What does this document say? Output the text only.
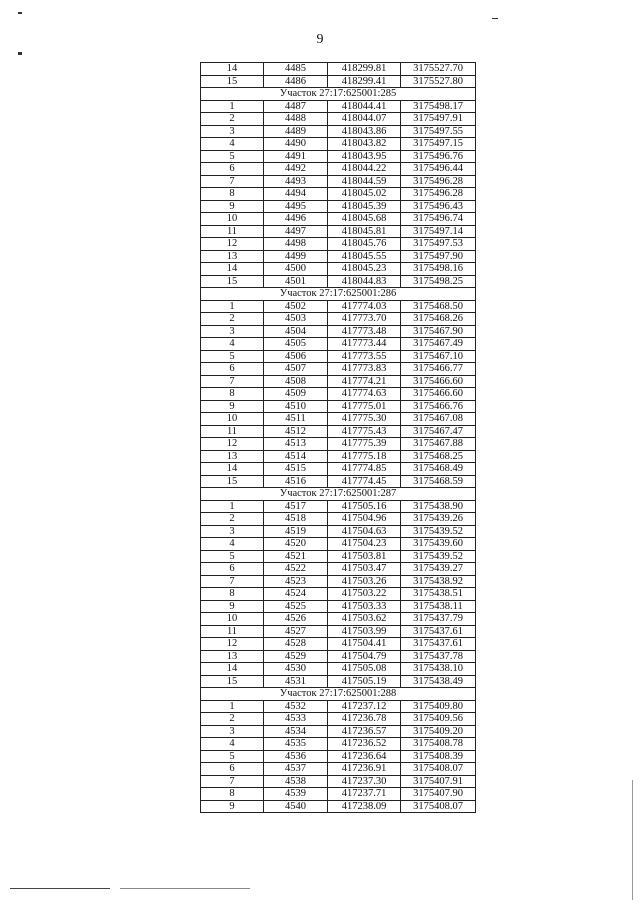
9
14	4485	418299.81	3175527.70
15	4486	418299.41	3175527.80
Участок 27:17:625001:285			
1	4487	418044.41	3175498.17
2	4488	418044.07	3175497.91
3	4489	418043.86	3175497.55
4	4490	418043.82	3175497.15
5	4491	418043.95	3175496.76
6	4492	418044.22	3175496.44
7	4493	418044.59	3175496.28
8	4494	418045.02	3175496.28
9	4495	418045.39	3175496.43
10	4496	418045.68	3175496.74
11	4497	418045.81	3175497.14
12	4498	418045.76	3175497.53
13	4499	418045.55	3175497.90
14	4500	418045.23	3175498.16
15	4501	418044.83	3175498.25
Участок 27:17:625001:286			
1	4502	417774.03	3175468.50
2	4503	417773.70	3175468.26
3	4504	417773.48	3175467.90
4	4505	417773.44	3175467.49
5	4506	417773.55	3175467.10
6	4507	417773.83	3175466.77
7	4508	417774.21	3175466.60
8	4509	417774.63	3175466.60
9	4510	417775.01	3175466.76
10	4511	417775.30	3175467.08
11	4512	417775.43	3175467.47
12	4513	417775.39	3175467.88
13	4514	417775.18	3175468.25
14	4515	417774.85	3175468.49
15	4516	417774.45	3175468.59
Участок 27:17:625001:287			
1	4517	417505.16	3175438.90
2	4518	417504.96	3175439.26
3	4519	417504.63	3175439.52
4	4520	417504.23	3175439.60
5	4521	417503.81	3175439.52
6	4522	417503.47	3175439.27
7	4523	417503.26	3175438.92
8	4524	417503.22	3175438.51
9	4525	417503.33	3175438.11
10	4526	417503.62	3175437.79
11	4527	417503.99	3175437.61
12	4528	417504.41	3175437.61
13	4529	417504.79	3175437.78
14	4530	417505.08	3175438.10
15	4531	417505.19	3175438.49
Участок 27:17:625001:288			
1	4532	417237.12	3175409.80
2	4533	417236.78	3175409.56
3	4534	417236.57	3175409.20
4	4535	417236.52	3175408.78
5	4536	417236.64	3175408.39
6	4537	417236.91	3175408.07
7	4538	417237.30	3175407.91
8	4539	417237.71	3175407.90
9	4540	417238.09	3175408.07
